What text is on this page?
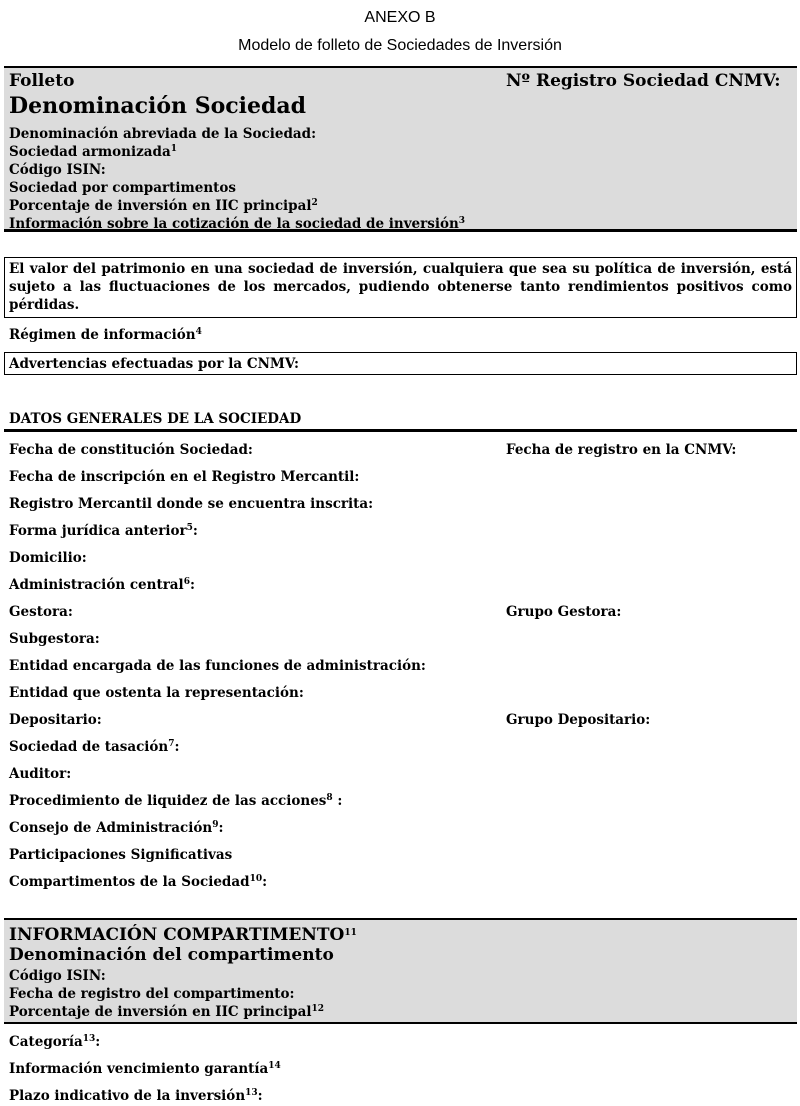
ANEXO B
Modelo de folleto de Sociedades de Inversión
Folleto	Nº Registro Sociedad CNMV:
Denominación Sociedad
Denominación abreviada de la Sociedad:
Sociedad armonizada$^1$
Código ISIN:
Sociedad por compartimentos
Porcentaje de inversión en IIC principal$^2$
Información sobre la cotización de la sociedad de inversión$^3$
El valor del patrimonio en una sociedad de inversión, cualquiera que sea su política de inversión, está sujeto a las fluctuaciones de los mercados, pudiendo obtenerse tanto rendimientos positivos como pérdidas.
Régimen de información$^4$
Advertencias efectuadas por la CNMV:
DATOS GENERALES DE LA SOCIEDAD
Fecha de constitución Sociedad:	Fecha de registro en la CNMV:
Fecha de inscripción en el Registro Mercantil:
Registro Mercantil donde se encuentra inscrita:
Forma jurídica anterior$^5$:
Domicilio:
Administración central$^6$:
Gestora:	Grupo Gestora:
Subgestora:
Entidad encargada de las funciones de administración:
Entidad que ostenta la representación:
Depositario:	Grupo Depositario:
Sociedad de tasación$^7$:
Auditor:
Procedimiento de liquidez de las acciones$^8$ :
Consejo de Administración$^9$:
Participaciones Significativas
Compartimentos de la Sociedad$^{10}$:
INFORMACIÓN COMPARTIMENTO$^{11}$
Denominación del compartimento
Código ISIN:
Fecha de registro del compartimento:
Porcentaje de inversión en IIC principal$^{12}$
Categoría$^{13}$:
Información vencimiento garantía$^{14}$
Plazo indicativo de la inversión$^{13}$:
